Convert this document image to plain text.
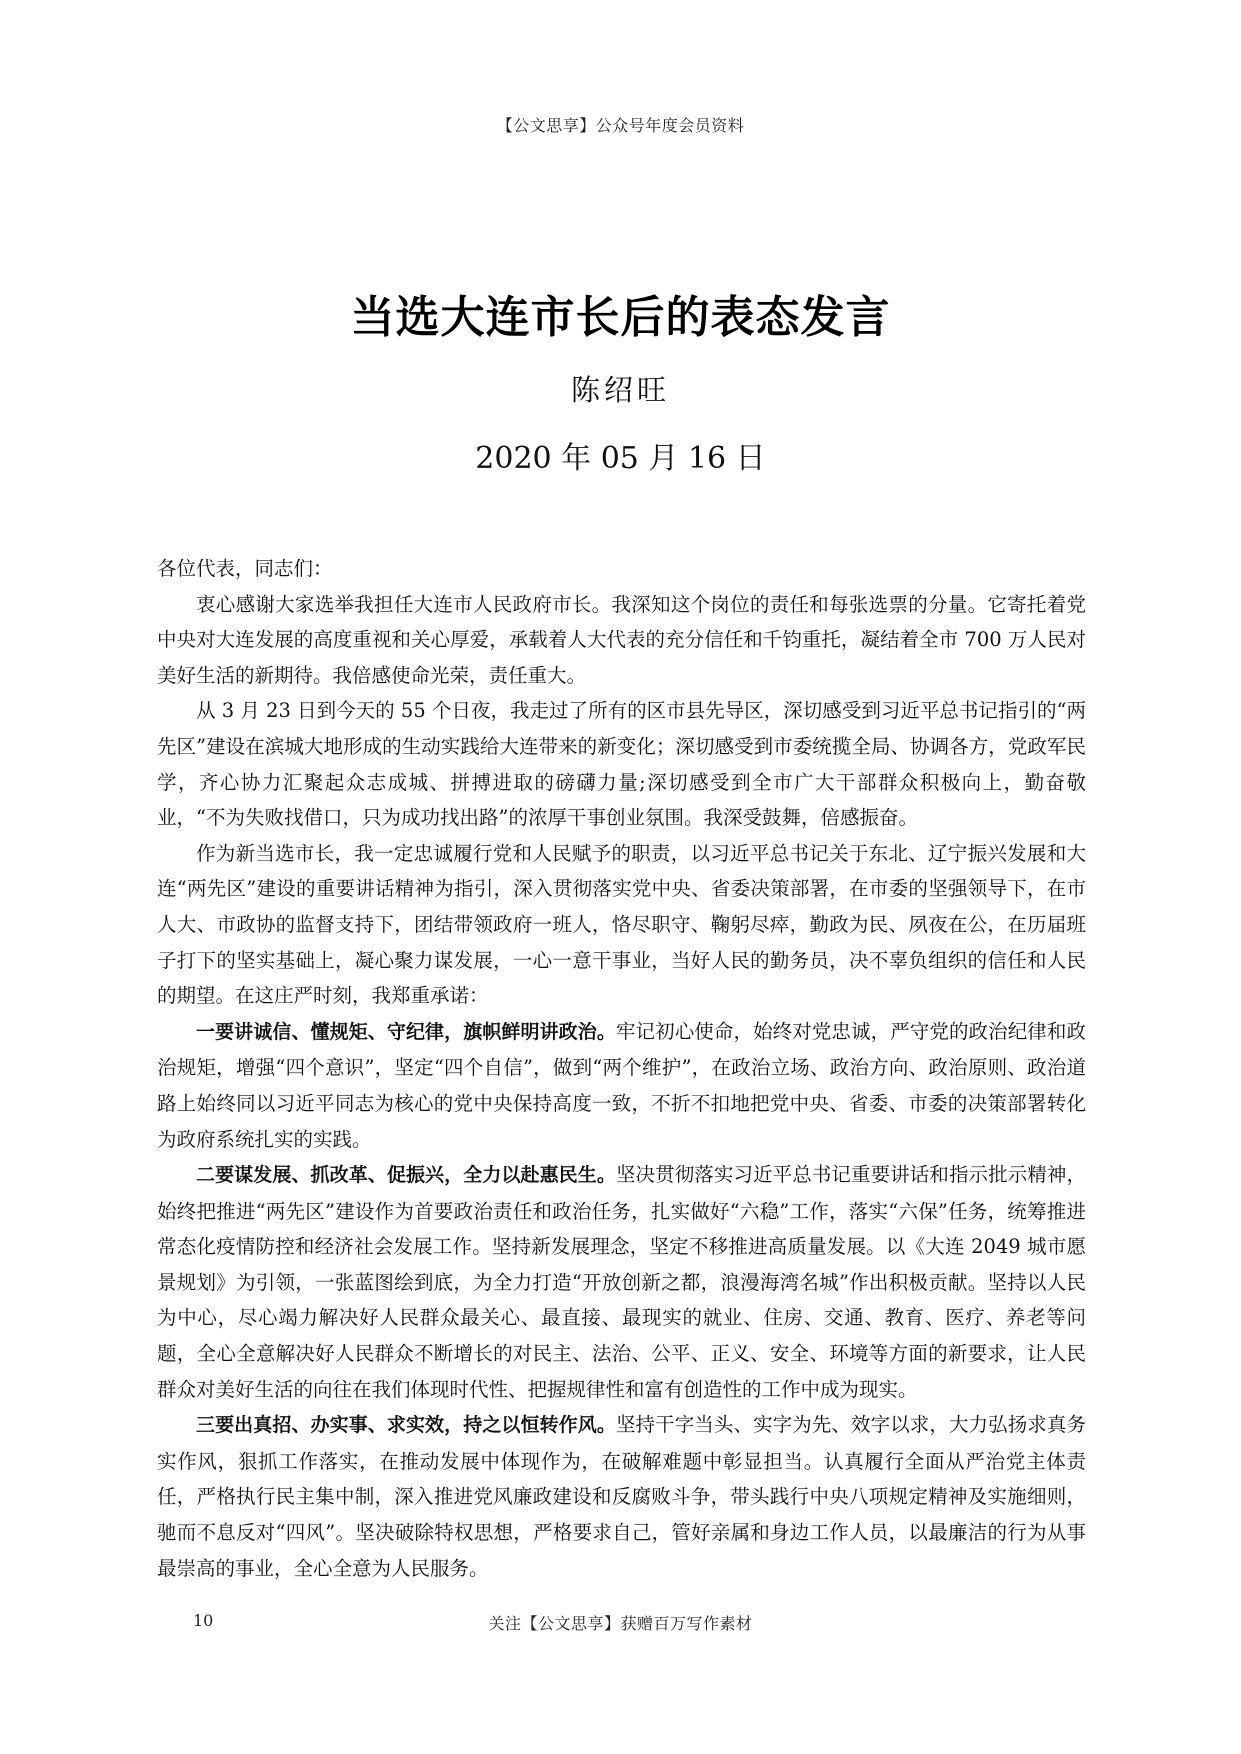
【公文思享】公众号年度会员资料
当选大连市长后的表态发言
陈绍旺
2020 年 05 月 16 日

各位代表，同志们：

衷心感谢大家选举我担任大连市人民政府市长。我深知这个岗位的责任和每张选票的分量。它寄托着党中央对大连发展的高度重视和关心厚爱，承载着人大代表的充分信任和千钧重托，凝结着全市 700 万人民对美好生活的新期待。我倍感使命光荣，责任重大。

从 3 月 23 日到今天的 55 个日夜，我走过了所有的区市县先导区，深切感受到习近平总书记指引的“两先区”建设在滨城大地形成的生动实践给大连带来的新变化；深切感受到市委统揽全局、协调各方，党政军民学，齐心协力汇聚起众志成城、拼搏进取的磅礴力量;深切感受到全市广大干部群众积极向上，勤奋敬业，“不为失败找借口，只为成功找出路”的浓厚干事创业氛围。我深受鼓舞，倍感振奋。

作为新当选市长，我一定忠诚履行党和人民赋予的职责，以习近平总书记关于东北、辽宁振兴发展和大连“两先区”建设的重要讲话精神为指引，深入贯彻落实党中央、省委决策部署，在市委的坚强领导下，在市人大、市政协的监督支持下，团结带领政府一班人，恪尽职守、鞠躬尽瘁，勤政为民、夙夜在公，在历届班子打下的坚实基础上，凝心聚力谋发展，一心一意干事业，当好人民的勤务员，决不辜负组织的信任和人民的期望。在这庄严时刻，我郑重承诺：

一要讲诚信、懂规矩、守纪律，旗帜鲜明讲政治。牢记初心使命，始终对党忠诚，严守党的政治纪律和政治规矩，增强“四个意识”，坚定“四个自信”，做到“两个维护”，在政治立场、政治方向、政治原则、政治道路上始终同以习近平同志为核心的党中央保持高度一致，不折不扣地把党中央、省委、市委的决策部署转化为政府系统扎实的实践。

二要谋发展、抓改革、促振兴，全力以赴惠民生。坚决贯彻落实习近平总书记重要讲话和指示批示精神，始终把推进“两先区”建设作为首要政治责任和政治任务，扎实做好“六稳”工作，落实“六保”任务，统筹推进常态化疫情防控和经济社会发展工作。坚持新发展理念，坚定不移推进高质量发展。以《大连 2049 城市愿景规划》为引领，一张蓝图绘到底，为全力打造“开放创新之都，浪漫海湾名城”作出积极贡献。坚持以人民为中心，尽心竭力解决好人民群众最关心、最直接、最现实的就业、住房、交通、教育、医疗、养老等问题，全心全意解决好人民群众不断增长的对民主、法治、公平、正义、安全、环境等方面的新要求，让人民群众对美好生活的向往在我们体现时代性、把握规律性和富有创造性的工作中成为现实。

三要出真招、办实事、求实效，持之以恒转作风。坚持干字当头、实字为先、效字以求，大力弘扬求真务实作风，狠抓工作落实，在推动发展中体现作为，在破解难题中彰显担当。认真履行全面从严治党主体责任，严格执行民主集中制，深入推进党风廉政建设和反腐败斗争，带头践行中央八项规定精神及实施细则，驰而不息反对“四风”。坚决破除特权思想，严格要求自己，管好亲属和身边工作人员，以最廉洁的行为从事最崇高的事业，全心全意为人民服务。

10	关注【公文思享】获赠百万写作素材
